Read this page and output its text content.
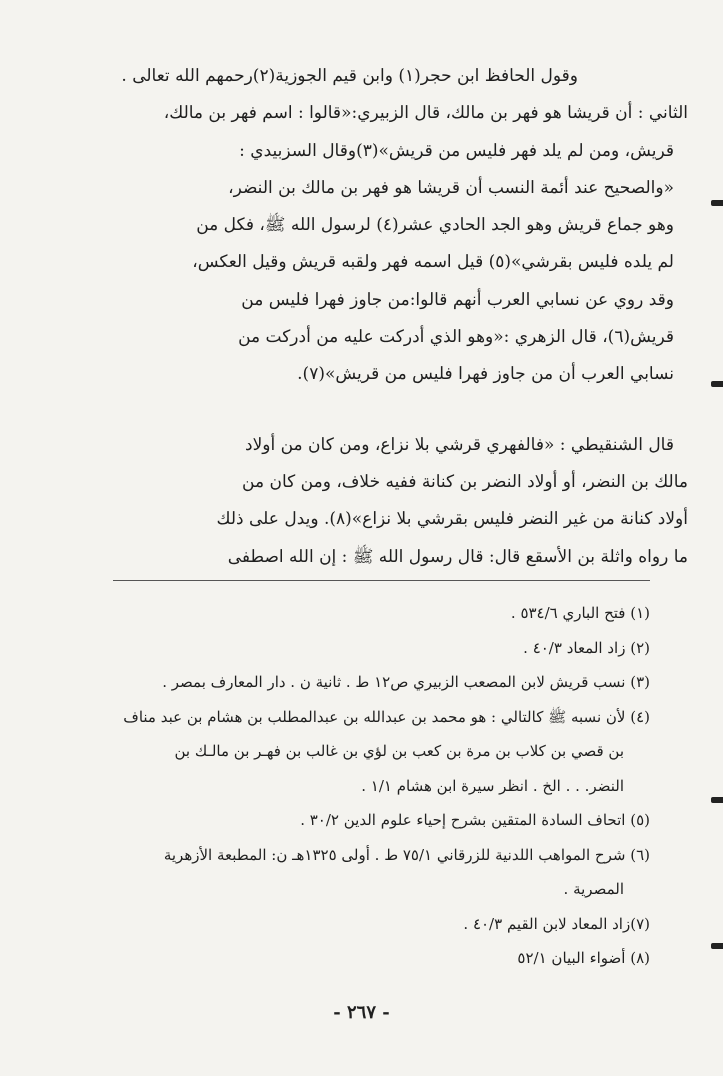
وقول الحافظ ابن حجر(١) وابن قيم الجوزية(٢)رحمهم الله تعالى .
الثاني : أن قريشا هو فهر بن مالك، قال الزبيري:«قالوا : اسم فهر بن مالك،
قريش، ومن لم يلد فهر فليس من قريش»(٣)وقال السزبيدي :
«والصحيح عند أئمة النسب أن قريشا هو فهر بن مالك بن النضر،
وهو جماع قريش وهو الجد الحادي عشر(٤) لرسول الله ﷺ، فكل من
لم يلده فليس بقرشي»(٥) قيل اسمه فهر ولقبه قريش وقيل العكس،
وقد روي عن نسابي العرب أنهم قالوا:من جاوز فهرا فليس من
قريش(٦)، قال الزهري :«وهو الذي أدركت عليه من أدركت من
نسابي العرب أن من جاوز فهرا فليس من قريش»(٧).
قال الشنقيطي : «فالفهري قرشي بلا نزاع، ومن كان من أولاد
مالك بن النضر، أو أولاد النضر بن كنانة ففيه خلاف، ومن كان من
أولاد كنانة من غير النضر فليس بقرشي بلا نزاع»(٨). ويدل على ذلك
ما رواه واثلة بن الأسقع قال: قال رسول الله ﷺ : إن الله اصطفى
(١) فتح الباري ٥٣٤/٦ .
(٢) زاد المعاد ٤٠/٣ .
(٣) نسب قريش لابن المصعب الزبيري ص١٢ ط . ثانية ن . دار المعارف بمصر .
(٤) لأن نسبه ﷺ كالتالي : هو محمد بن عبدالله بن عبدالمطلب بن هشام بن عبد مناف
بن قصي بن كلاب بن مرة بن كعب بن لؤي بن غالب بن فهـر بن مالـك بن
النضر. . . الخ . انظر سيرة ابن هشام ١/١ .
(٥) اتحاف السادة المتقين بشرح إحياء علوم الدين ٣٠/٢ .
(٦) شرح المواهب اللدنية للزرقاني ٧٥/١ ط . أولى ١٣٢٥هـ ن: المطبعة الأزهرية
المصرية .
(٧)زاد المعاد لابن القيم ٤٠/٣ .
(٨) أضواء البيان ٥٢/١
- ٢٦٧ -
